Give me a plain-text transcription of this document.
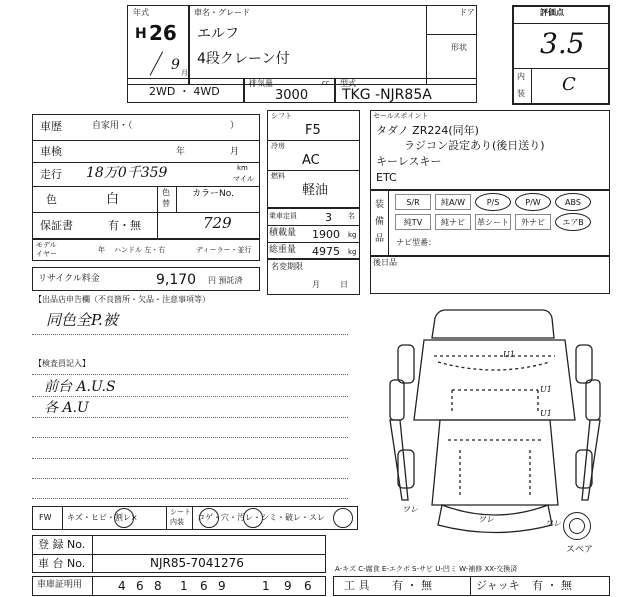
年式
H 26
9 月
車名・グレード
エルフ
4段クレーン付
ドア
形状
2WD ・ 4WD
排気量	cc
3000
型式
TKG -NJR85A
評価点
3.5
内
装 C
車歴	自家用・（	）
車検	年	月
走行 18万0千359	km
マイル
色	白	色
替
カラーNo.
729
保証書	有・無
モデル
イヤー	年 ハンドル 左・右	ディーラー・並行
リサイクル料金	9,170 円 預託済
【出品店申告欄（不良箇所・欠品・注意事項等）
同色全P.被
【検査員記入】
前台 A.U.S
各 A.U
シフト
F5
冷房
AC
燃料
軽油
乗車定員	3 名
積載量 1900 kg
総重量 4975 kg
名変期限
月	日
セールスポイント
タダノ ZR224(同年)
ラジコン設定あり(後日送り)
キーレスキー
ETC
装
備
品
S/R	純A/W	P/S	P/W	ABS
純TV	純ナビ	革シート	外ナビ	エアB
ナビ型番：
後日品
U1
U1
U1
ワレ
ワレ	ワレ
スペア
FW キズ・ヒビ・割レ×
シート
内装 コゲ・穴・汚レ・シミ・破レ・スレ
登 録 No.
車 台 No.	NJR85-7041276
車庫証明用	4 6 8 1 6 9	1 9 6
A-キズ C-腐食 E-エクボ S-サビ U-凹ミ W-補修 XX-交換済
工 具 有 ・ 無	ジャッキ 有 ・ 無
